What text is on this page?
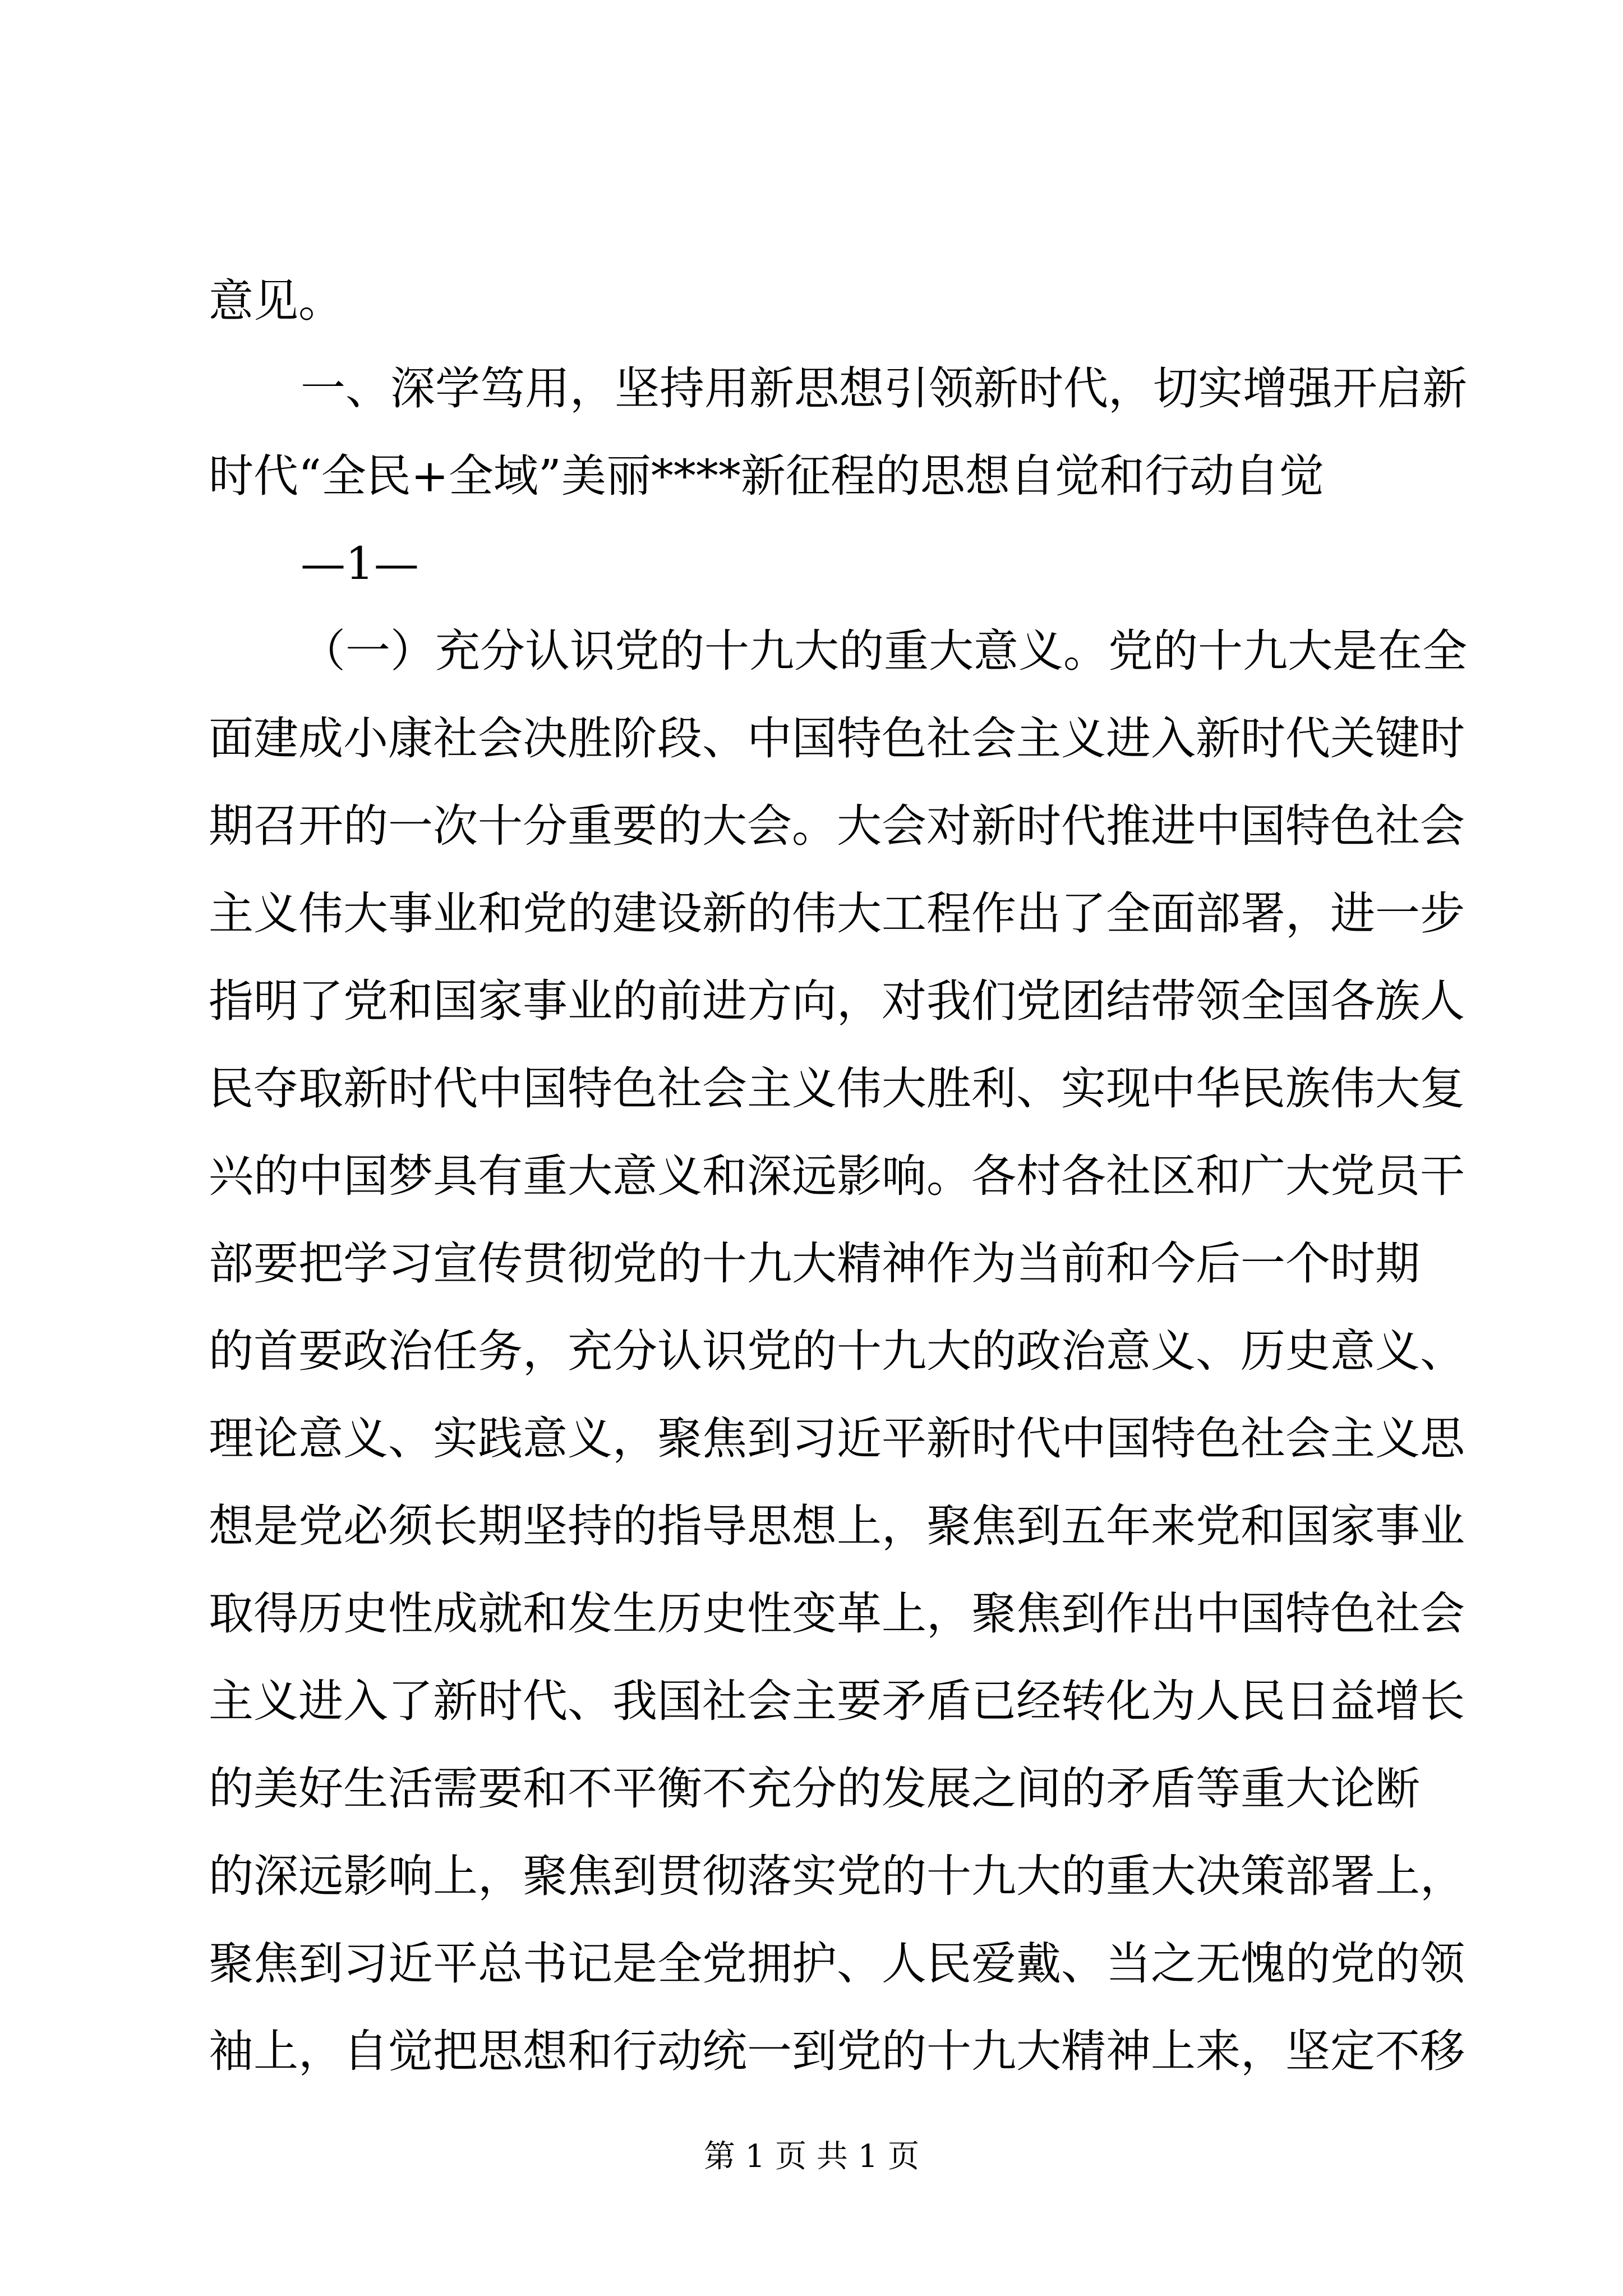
意见。
一、深学笃用，坚持用新思想引领新时代，切实增强开启新
时代“全民+全域”美丽****新征程的思想自觉和行动自觉
—1—
（一）充分认识党的十九大的重大意义。党的十九大是在全
面建成小康社会决胜阶段、中国特色社会主义进入新时代关键时
期召开的一次十分重要的大会。大会对新时代推进中国特色社会
主义伟大事业和党的建设新的伟大工程作出了全面部署，进一步
指明了党和国家事业的前进方向，对我们党团结带领全国各族人
民夺取新时代中国特色社会主义伟大胜利、实现中华民族伟大复
兴的中国梦具有重大意义和深远影响。各村各社区和广大党员干
部要把学习宣传贯彻党的十九大精神作为当前和今后一个时期
的首要政治任务，充分认识党的十九大的政治意义、历史意义、
理论意义、实践意义，聚焦到习近平新时代中国特色社会主义思
想是党必须长期坚持的指导思想上，聚焦到五年来党和国家事业
取得历史性成就和发生历史性变革上，聚焦到作出中国特色社会
主义进入了新时代、我国社会主要矛盾已经转化为人民日益增长
的美好生活需要和不平衡不充分的发展之间的矛盾等重大论断
的深远影响上，聚焦到贯彻落实党的十九大的重大决策部署上，
聚焦到习近平总书记是全党拥护、人民爱戴、当之无愧的党的领
袖上，自觉把思想和行动统一到党的十九大精神上来，坚定不移
第 1 页 共 1 页
